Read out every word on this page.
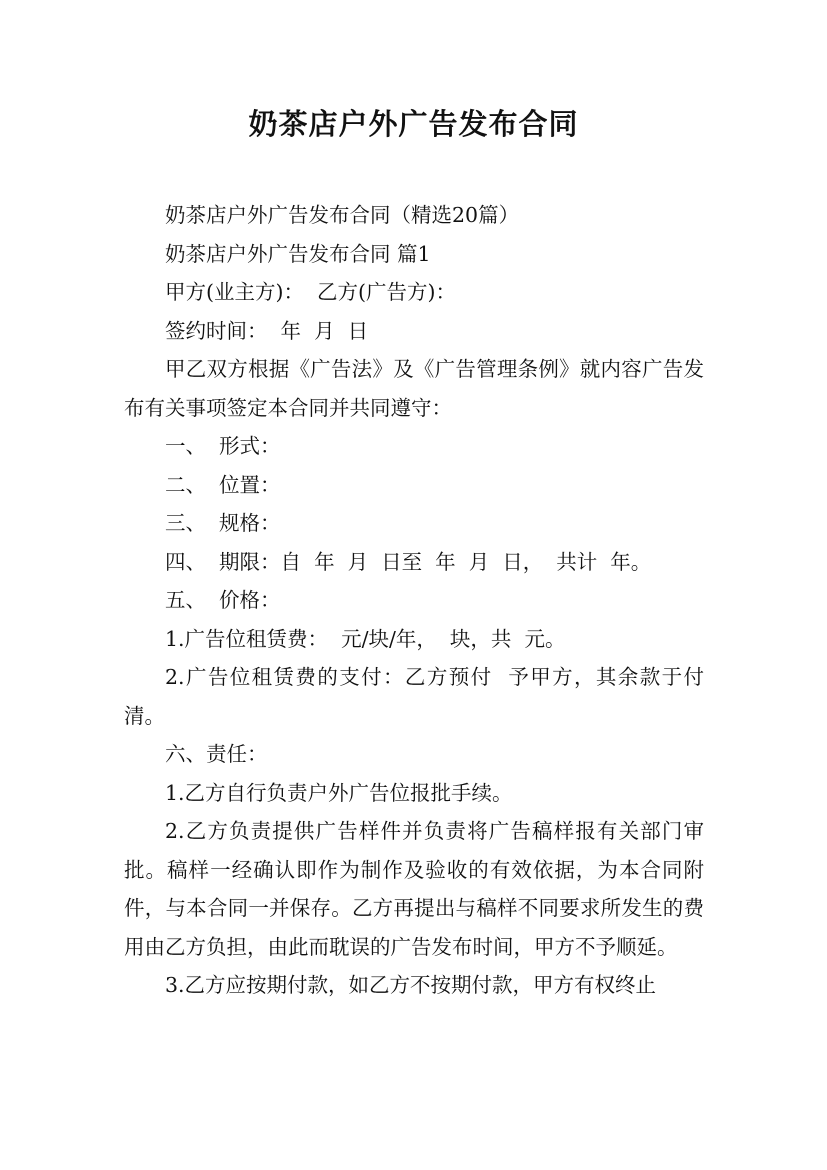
奶茶店户外广告发布合同

奶茶店户外广告发布合同（精选20篇）

奶茶店户外广告发布合同 篇1

甲方(业主方)：  乙方(广告方)：

签约时间：  年  月  日

甲乙双方根据《广告法》及《广告管理条例》就内容广告发布有关事项签定本合同并共同遵守：

一、  形式：

二、  位置：

三、  规格：

四、  期限：自  年  月  日至  年  月  日，  共计  年。

五、  价格：

1.广告位租赁费：  元/块/年，  块，共  元。

2.广告位租赁费的支付：乙方预付  予甲方，其余款于付清。

六、责任：

1.乙方自行负责户外广告位报批手续。

2.乙方负责提供广告样件并负责将广告稿样报有关部门审批。稿样一经确认即作为制作及验收的有效依据，为本合同附件，与本合同一并保存。乙方再提出与稿样不同要求所发生的费用由乙方负担，由此而耽误的广告发布时间，甲方不予顺延。

3.乙方应按期付款，如乙方不按期付款，甲方有权终止
